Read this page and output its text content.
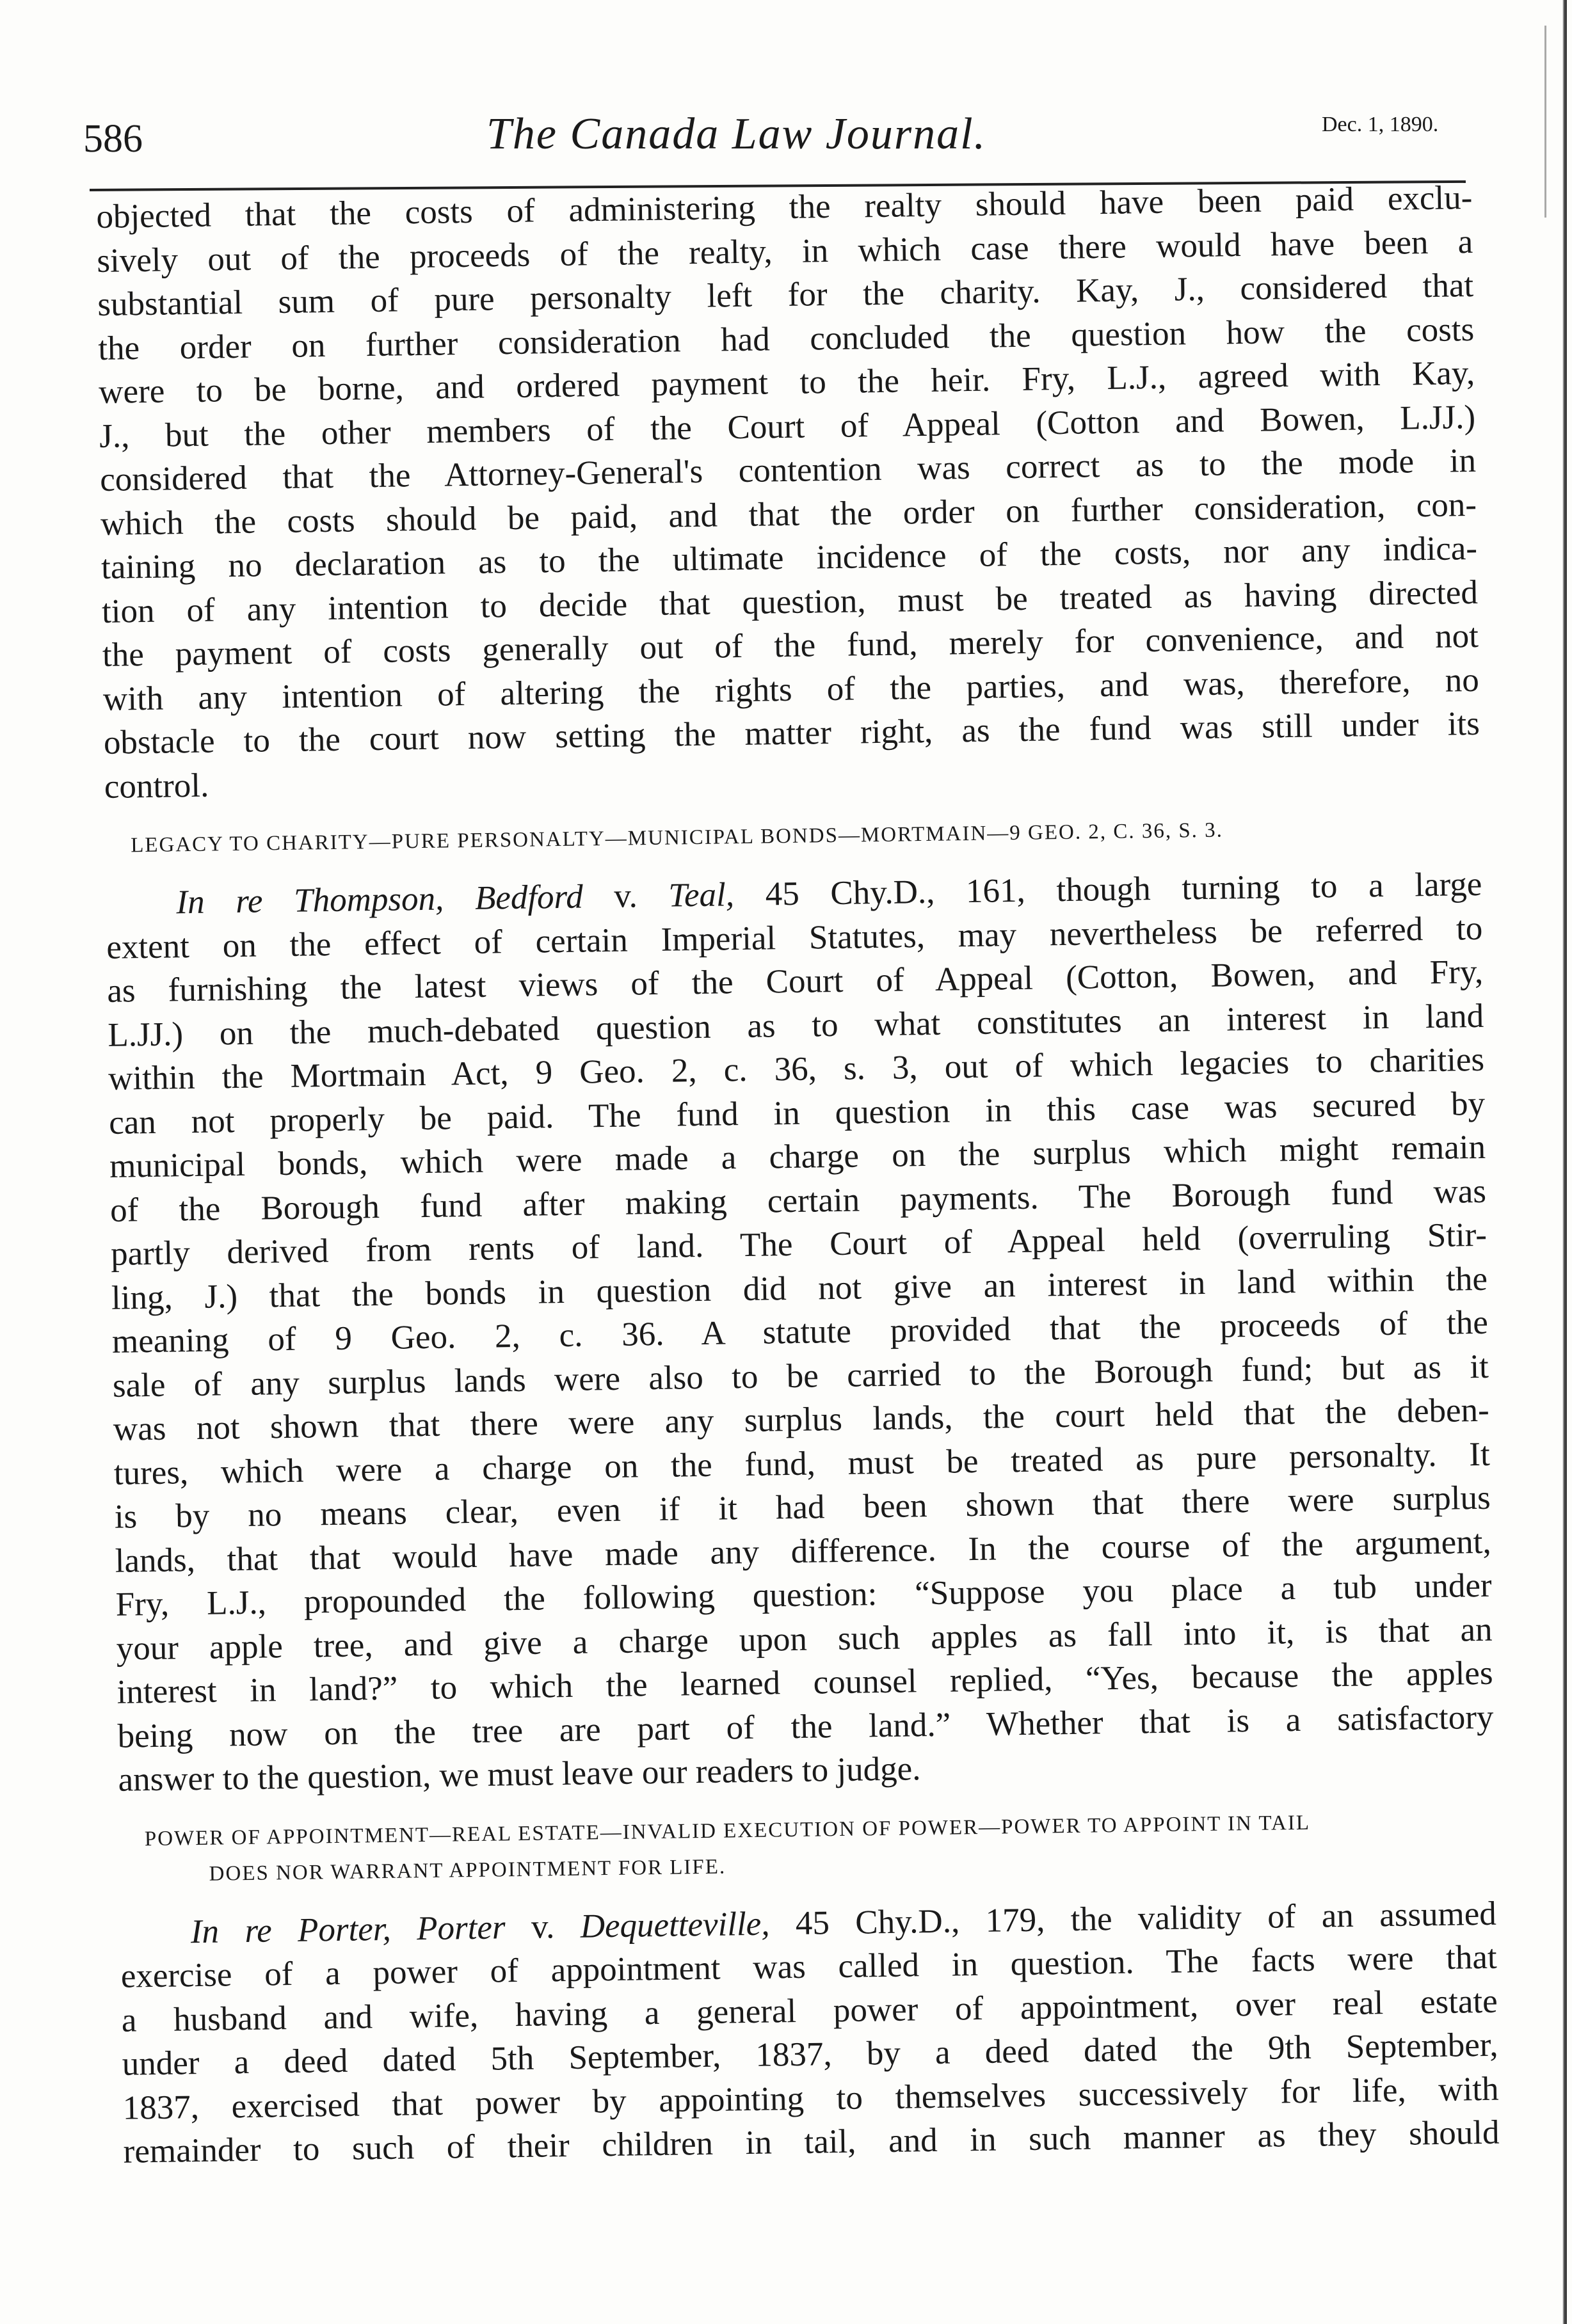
586	The Canada Law Journal.	Dec. 1, 1890.

objected that the costs of administering the realty should have been paid exclu-
sively out of the proceeds of the realty, in which case there would have been a
substantial sum of pure personalty left for the charity. Kay, J., considered that
the order on further consideration had concluded the question how the costs
were to be borne, and ordered payment to the heir. Fry, L.J., agreed with Kay,
J., but the other members of the Court of Appeal (Cotton and Bowen, L.JJ.)
considered that the Attorney-General's contention was correct as to the mode in
which the costs should be paid, and that the order on further consideration, con-
taining no declaration as to the ultimate incidence of the costs, nor any indica-
tion of any intention to decide that question, must be treated as having directed
the payment of costs generally out of the fund, merely for convenience, and not
with any intention of altering the rights of the parties, and was, therefore, no
obstacle to the court now setting the matter right, as the fund was still under its
control.

LEGACY TO CHARITY—PURE PERSONALTY—MUNICIPAL BONDS—MORTMAIN—9 GEO. 2, C. 36, S. 3.

In re Thompson, Bedford v. Teal, 45 Chy.D., 161, though turning to a large
extent on the effect of certain Imperial Statutes, may nevertheless be referred to
as furnishing the latest views of the Court of Appeal (Cotton, Bowen, and Fry,
L.JJ.) on the much-debated question as to what constitutes an interest in land
within the Mortmain Act, 9 Geo. 2, c. 36, s. 3, out of which legacies to charities
can not properly be paid. The fund in question in this case was secured by
municipal bonds, which were made a charge on the surplus which might remain
of the Borough fund after making certain payments. The Borough fund was
partly derived from rents of land. The Court of Appeal held (overruling Stir-
ling, J.) that the bonds in question did not give an interest in land within the
meaning of 9 Geo. 2, c. 36. A statute provided that the proceeds of the
sale of any surplus lands were also to be carried to the Borough fund; but as it
was not shown that there were any surplus lands, the court held that the deben-
tures, which were a charge on the fund, must be treated as pure personalty. It
is by no means clear, even if it had been shown that there were surplus
lands, that that would have made any difference. In the course of the argument,
Fry, L.J., propounded the following question: “Suppose you place a tub under
your apple tree, and give a charge upon such apples as fall into it, is that an
interest in land?” to which the learned counsel replied, “Yes, because the apples
being now on the tree are part of the land.” Whether that is a satisfactory
answer to the question, we must leave our readers to judge.

POWER OF APPOINTMENT—REAL ESTATE—INVALID EXECUTION OF POWER—POWER TO APPOINT IN TAIL
DOES NOR WARRANT APPOINTMENT FOR LIFE.

In re Porter, Porter v. Dequetteville, 45 Chy.D., 179, the validity of an assumed
exercise of a power of appointment was called in question. The facts were that
a husband and wife, having a general power of appointment, over real estate
under a deed dated 5th September, 1837, by a deed dated the 9th September,
1837, exercised that power by appointing to themselves successively for life, with
remainder to such of their children in tail, and in such manner as they should
